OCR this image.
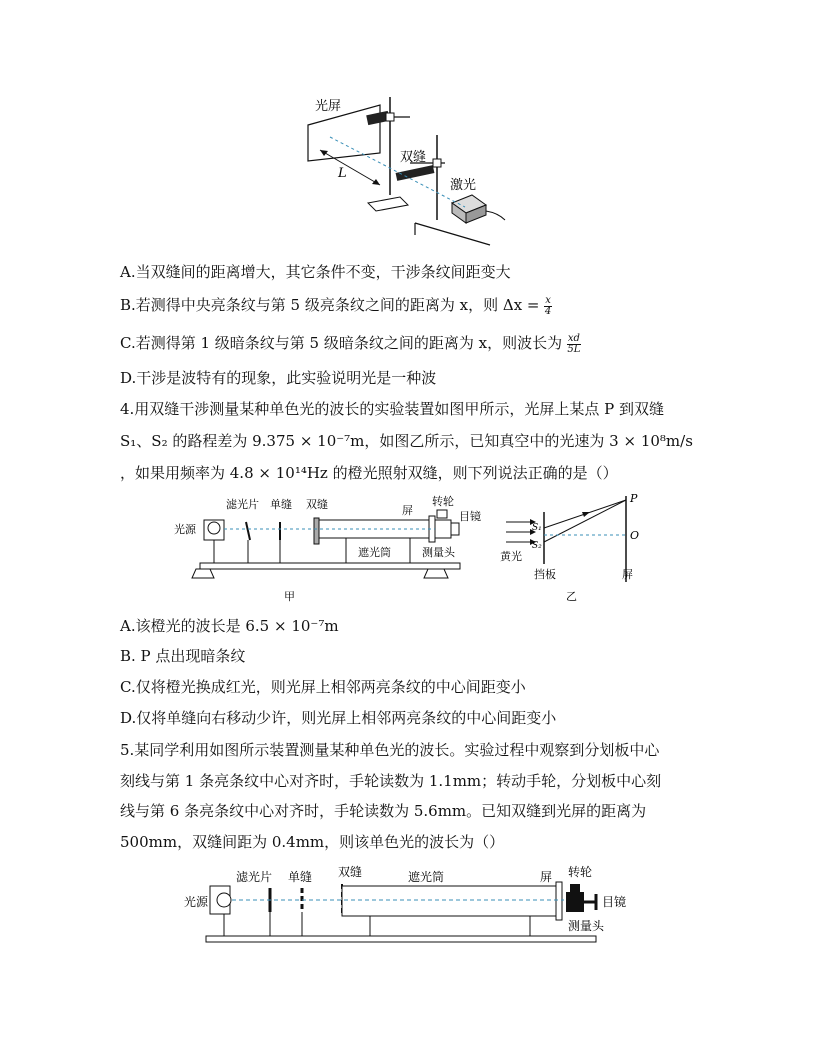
L
光屏
双缝
激光
A.当双缝间的距离增大，其它条件不变，干涉条纹间距变大
B.若测得中央亮条纹与第 5 级亮条纹之间的距离为 x，则 $\Delta x = \frac{x}{4}$
C.若测得第 1 级暗条纹与第 5 级暗条纹之间的距离为 x，则波长为 $\frac{xd}{5L}$
D.干涉是波特有的现象，此实验说明光是一种波
4.用双缝干涉测量某种单色光的波长的实验装置如图甲所示，光屏上某点 P 到双缝
S₁、S₂ 的路程差为 9.375 × 10⁻⁷m，如图乙所示，已知真空中的光速为 3 × 10⁸m/s
，如果用频率为 4.8 × 10¹⁴Hz 的橙光照射双缝，则下列说法正确的是（）
光源
滤光片 单缝 双缝	屏
转轮
目镜
遮光筒	测量头
甲
P
O
S₁
S₂
黄光
挡板	屏
乙
A.该橙光的波长是 6.5 × 10⁻⁷m
B. P 点出现暗条纹
C.仅将橙光换成红光，则光屏上相邻两亮条纹的中心间距变小
D.仅将单缝向右移动少许，则光屏上相邻两亮条纹的中心间距变小
5.某同学利用如图所示装置测量某种单色光的波长。实验过程中观察到分划板中心
刻线与第 1 条亮条纹中心对齐时，手轮读数为 1.1mm；转动手轮，分划板中心刻
线与第 6 条亮条纹中心对齐时，手轮读数为 5.6mm。已知双缝到光屏的距离为
500mm，双缝间距为 0.4mm，则该单色光的波长为（）
光源
滤光片 单缝 双缝	遮光筒	屏 转轮
目镜
测量头
